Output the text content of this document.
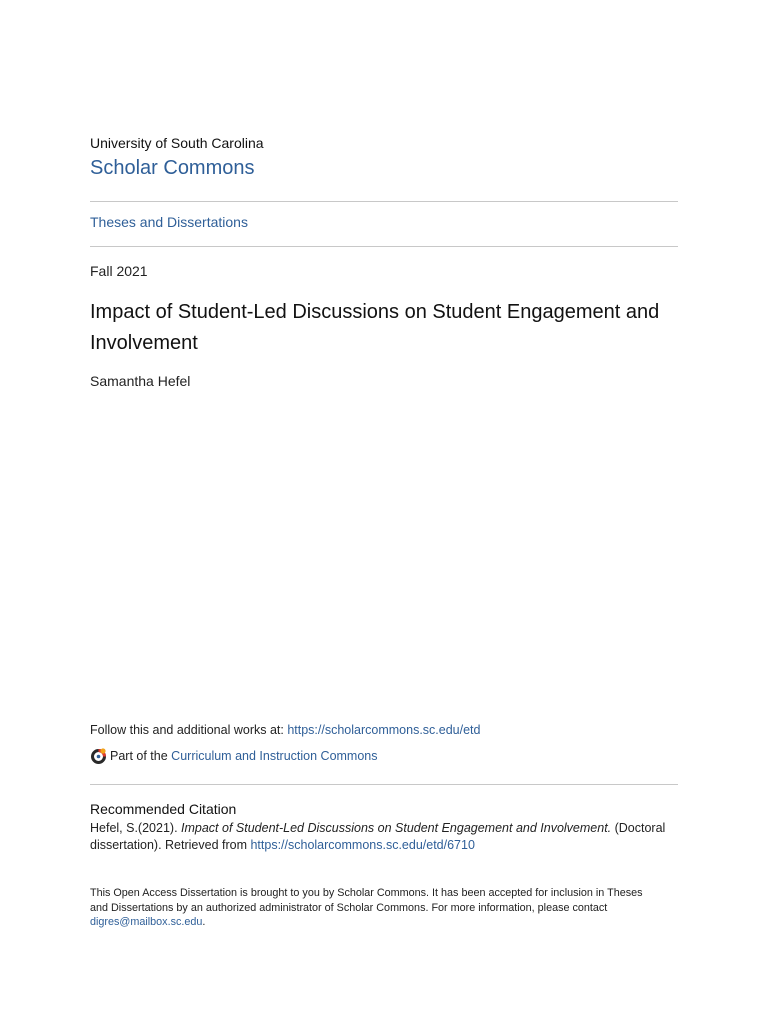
University of South Carolina
Scholar Commons
Theses and Dissertations
Fall 2021
Impact of Student-Led Discussions on Student Engagement and Involvement
Samantha Hefel
Follow this and additional works at: https://scholarcommons.sc.edu/etd
Part of the
Curriculum and Instruction Commons
Recommended Citation
Hefel, S.(2021). Impact of Student-Led Discussions on Student Engagement and Involvement. (Doctoral dissertation). Retrieved from https://scholarcommons.sc.edu/etd/6710
This Open Access Dissertation is brought to you by Scholar Commons. It has been accepted for inclusion in Theses and Dissertations by an authorized administrator of Scholar Commons. For more information, please contact digres@mailbox.sc.edu.
